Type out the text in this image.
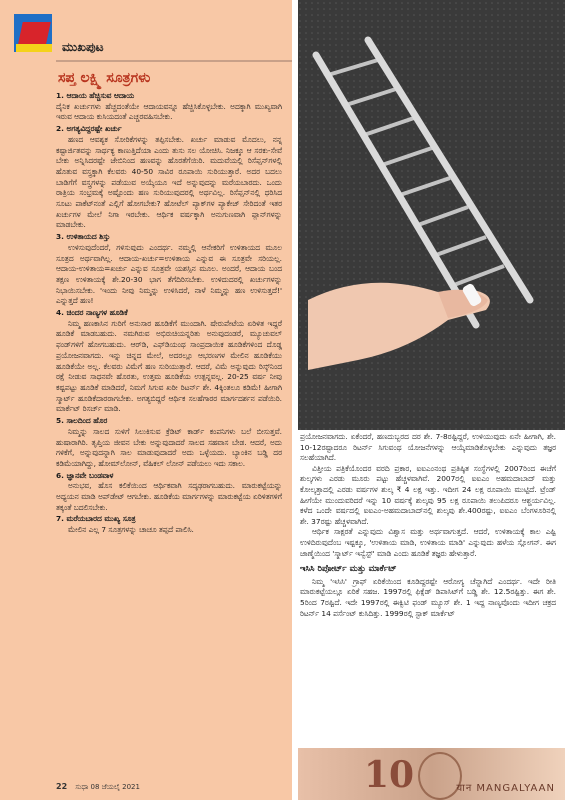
ಮುಖಪುಟ
ಸಪ್ತ ಲಕ್ಷ್ಮಿ ಸೂತ್ರಗಳು
1. ಆದಾಯ ಹೆಚ್ಚಿಸುವ ಆದಾಯ
ದೈನಿಕ ಖರ್ಚುಗಳು ಹೆಚ್ಚದಂತೆಯೇ ಆದಾಯವನ್ನೂ ಹೆಚ್ಚಿಸಿಕೊಳ್ಳಬೇಕು. ಅದಕ್ಕಾಗಿ ಮುಖ್ಯವಾಗಿ ಇರುವ ಆದಾಯ ಕುಸಿಯದಂತೆ ಎಚ್ಚರವಹಿಸಬೇಕು.
2. ಅಗತ್ಯವಿದ್ದರಷ್ಟೇ ಖರ್ಚು
ಹಣದ ಆವಶ್ಯಕ ಸೋರಿಕೆಗಳನ್ನು ತಪ್ಪಿಸಬೇಕು. ಖರ್ಚು ಮಾಡುವ ಮೊದಲು, ನನ್ನ ಕಷ್ಟಾರ್ಜಿತವನ್ನು ಸಾರ್ಥಕ್ಯ ಕಾಣುತ್ತಿದೆಯಾ ಎಂದು ತುಸು ಸಲ ಯೋಚಿಸಿ. ನಿಜಕ್ಕೂ ಆ ಸರಕು-ಸೇವೆ ಬೇಕು ಅನ್ನಿಸಿದರಷ್ಟೇ ಜೇಬಿನಿಂದ ಹಣವನ್ನು ಹೊರತೆಗೆಯಿರಿ. ಮದುವೆಯಲ್ಲಿ ರಿಸೆಪ್ಷನ್‌ಗಳಲ್ಲಿ ಹೊತುವ ವಸ್ತ್ರಕ್ಕಾಗಿ ಕೆಲವರು 40-50 ಸಾವಿರ ರೂಪಾಯಿ ಸುರಿಯುತ್ತಾರೆ. ಅದರ ಬದಲು ಬಾಡಿಗೆಗೆ ವಸ್ತ್ರಗಳನ್ನು ಪಡೆಯುವ ಅಯ್ಕೆಯೂ ಇದೆ ಅನ್ನುವುದನ್ನು ಮರೆಯಬಾರದು. ಒಂದು ರಾತ್ರಿಯ ಸಂಭ್ರಮಕ್ಕೆ ಅಷ್ಟೊಂದು ಹಣ ಸುರಿಯುವುದರಲ್ಲಿ ಅರ್ಥವಿಲ್ಲ. ರಿಸೆಪ್ಷನ್‌ನಲ್ಲಿ ಧರಿಸಿದ ಸೂಟು ಪಾಕೆಟ್‌ನಂತೆ ಎಲ್ಲಿಗೆ ಹೋಗಬೇಕು? ಹೋಟೆಲ್ ಪ್ಯಾಕ್‌ಗಳ ಪ್ಯಾಕೇಜ್ ಸೇರಿದಂತೆ ಇತರ ಖರ್ಚುಗಳ ಮೇಲೆ ನಿಗಾ ಇರಬೇಕು. ಆರ್ಥಿಕ ವರ್ಷಕ್ಕಾಗಿ ಅನುಗುಣವಾಗಿ ಪ್ಲಾನ್‌ಗಳನ್ನು ಮಾಡಬೇಕು.
3. ಉಳಿತಾಯದ ಶಿಸ್ತು
ಉಳಿಸುವುದೆಂದರೆ, ಗಳಿಸುವುದು ಎಂದರ್ಥ. ನಮ್ಮಲ್ಲಿ ಆನೇಕರಿಗೆ ಉಳಿತಾಯದ ಮೂಲ ಸೂತ್ರದ ಅರ್ಥವಾಗಿಲ್ಲ. ಆದಾಯ-ಖರ್ಚು=ಉಳಿತಾಯ ಎನ್ನುವ ಈ ಸೂತ್ರವೇ ಸರಿಯಲ್ಲ. ಆದಾಯ-ಉಳಿತಾಯ=ಖರ್ಚು ಎನ್ನುವ ಸೂತ್ರವೇ ಯಶಸ್ಸಿನ ಮೂಲ. ಅಂದರೆ, ಆದಾಯ ಬಂದ ತಕ್ಷಣ ಉಳಿತಾಯಕ್ಕೆ ಶೇ.20-30 ಭಾಗ ತೆಗೆದಿರಿಸಬೇಕು. ಉಳಿದುದರಲ್ಲಿ ಖರ್ಚುಗಳನ್ನು ನಿಭಾಯಿಸಬೇಕು. 'ಇಂದು ನೀವು ನಿಮ್ಮನ್ನು ಉಳಿಸಿದರೆ, ನಾಳೆ ನಿಮ್ಮನ್ನು ಹಣ ಉಳಿಸುತ್ತದೆ!' ಎನ್ನುತ್ತದೆ ಹಣ!
4. ಚಿಂದರ ನಾಣ್ಯಗಳ ಹೂಡಿಕೆ
ನಿಮ್ಮ ಹಣಕಾಸಿನ ಗುರಿಗೆ ಅನುಸಾರ ಹೂಡಿಕೆಗೆ ಮುಂದಾಗಿ. ಷೇರುಪೇಟೆಯ ಏರಿಳಿತ ಇದ್ದರೆ ಹೂಡಿಕೆ ಮಾಡಬಹುದು. ನಮಗಿರುವ ಅಭಿರುಚಿಯನ್ನರಿತು ಅನುವುದಂಡರೆ, ಮ್ಯೂಚುವಲ್ ಫಂಡ್‌ಗಳಿಗೆ ಹೋಗಬಹುದು. ಆರ್‌ಡಿ, ಎಫ್‌ಡಿಯಂಥ ಸಾಂಪ್ರದಾಯಿಕ ಹೂಡಿಕೆಗಳಿಂದ ದೊಡ್ಡ ಪ್ರಯೋಜನವಾಗದು. ಇನ್ನು ಚಿನ್ನದ ಮೇಲೆ, ಅದರಲ್ಲೂ ಆಭರಣಗಳ ಮೇಲಿನ ಹೂಡಿಕೆಯು ಹೂಡಿಕೆಯೇ ಅಲ್ಲ. ಕೆಲವರು ವಿಮೆಗೆ ಹಣ ಸುರಿಯುತ್ತಾರೆ. ಆದರೆ, ವಿಮೆ ಅನ್ನುವುದು ರಿಸ್ಕ್‌ನಿಂದ ರಕ್ಷೆ ನೀಡುವ ಸಾಧನವೇ ಹೊರತು, ಉತ್ತಮ ಹೂಡಿಕೆಯ ಉತ್ಪನ್ನವಲ್ಲ. 20-25 ವರ್ಷ ನೀವು ಕಷ್ಟಪಟ್ಟು ಹೂಡಿಕೆ ಮಾಡಿದರೆ, ನಿಮಗೆ ಸಿಗುವ ಖರೀ ರಿಟರ್ನ್ ಶೇ. 4ಕ್ಕಿಂತಲೂ ಕಡಿಮೆ! ಹೀಗಾಗಿ ಸ್ಮಾರ್ಟ್ ಹೂಡಿಕೆದಾರರಾಗಬೇಕು. ಅಗತ್ಯಬಿದ್ದರೆ ಆರ್ಥಿಕ ಸಲಹೆಗಾರರ ಮಾರ್ಗದರ್ಶನ ಪಡೆಯಿರಿ. ಮಾರ್ಕೆಟ್ ರಿಸರ್ಚ್ ಮಾಡಿ.
5. ಸಾಲದಿಂದ ಹೊರ
ನಿಮ್ಮನ್ನು ಸಾಲದ ಸುಳಿಗೆ ಸಿಲುಕಿಸುವ ಕ್ರೆಡಿಟ್ ಕಾರ್ಡ್ ಕಂಪನಿಗಳು ಬಲೆ ಬೀಸುತ್ತವೆ. ಹುಷಾರಾಗಿರಿ. ತೃಪ್ತಿಯ ಜೀವನ ಬೇಕು ಅನ್ನುವುದಾದರೆ ಸಾಲದ ಸಹವಾಸ ಬೇಡ. ಆದರೆ, ಅದು ಗಳಿಕೆಗೆ, ಅನ್ನುವುದನ್ನಾಗಿ ಸಾಲ ಮಾಡುವುದಾದರೆ ಅದು ಒಳ್ಳೆಯದು. ಬ್ಯಾಂಕಿನ ಬಡ್ಡಿ ದರ ಕಡಿಮೆಯಾಗಿದ್ದು, ಹೋಮ್‌ಲೋನ್, ವೆಹಿಕಲ್ ಲೋನ್ ಪಡೆಯಲು ಇದು ಸಕಾಲ.
6. ಜ್ಞಾನವೇ ಬಂಡವಾಳ
ಅನುಭವ, ಹೊಸ ಕಲಿಕೆಯಿಂದ ಆರ್ಥಿಕವಾಗಿ ಸದೃಢರಾಗಬಹುದು. ಮಾರುಕಟ್ಟೆಯನ್ನು ಅಧ್ಯಯನ ಮಾಡಿ ಅಪ್‌ಡೇಟ್ ಆಗಬೇಕು. ಹೂಡಿಕೆಯ ಮಾರ್ಗಗಳನ್ನು ಮಾರುಕಟ್ಟೆಯ ಏರಿಳಿತಗಳಿಗೆ ತಕ್ಕಂತೆ ಬದಲಿಸಬೇಕು.
7. ಮರೆಯಬಾರದ ಮುಖ್ಯ ಸೂತ್ರ
ಮೇಲಿನ ಎಲ್ಲ 7 ಸೂತ್ರಗಳನ್ನು ಚಾಚೂ ತಪ್ಪದೆ ಪಾಲಿಸಿ.
22 ಸುಧಾ 08 ಜೆಯಲೈ 2021
ಪ್ರಯೋಜನವಾಗದು. ಏಕೆಂದರೆ, ಹಣದುಬ್ಬರದ ದರ ಶೇ. 7-8ರಷ್ಟಿದ್ದರೆ, ಉಳಿಯುವುದು ಏನೇ ಹೀಗಾಗಿ, ಶೇ. 10-12ರಷ್ಟಾದರೂ ರಿಟರ್ನ್ ಸಿಗುವಂಥ ಯೋಜನೆಗಳನ್ನು ಆಯ್ಕೆಮಾಡಿಕೊಳ್ಳಬೇಕು ಎನ್ನುವುದು ತಜ್ಞರ ಸಲಹೆಯಾಗಿದೆ.
ವಿತ್ತೀಯ ಪತ್ರಿಕೆಯೊಂದರ ವರದಿ ಪ್ರಕಾರ, ಐಐಎಂನಂಥ ಪ್ರತಿಷ್ಠಿತ ಸಂಸ್ಥೆಗಳಲ್ಲಿ 2007ರಿಂದ ಈಚೆಗೆ ಶುಲ್ಕಗಳು ಎರಡು ಮೂರು ಪಟ್ಟು ಹೆಚ್ಚಳವಾಗಿವೆ. 2007ರಲ್ಲಿ ಐಐಎಂ ಅಹಮದಾಬಾದ್ ಮತ್ತು ಕೋಲ್ಕತ್ತಾದಲ್ಲಿ ಎರಡು ವರ್ಷಗಳ ಶುಲ್ಕ ₹ 4 ಲಕ್ಷ ಇತ್ತು. ಇದೀಗ 24 ಲಕ್ಷ ರೂಪಾಯಿ ಮುಟ್ಟಿದೆ. ಟ್ರೆಂಡ್ ಹೀಗೆಯೇ ಮುಂದುವರಿದರೆ ಇನ್ನು 10 ವರ್ಷಕ್ಕೆ ಶುಲ್ಕವು 95 ಲಕ್ಷ ರೂಪಾಯಿ ತಲುಪಿದರೂ ಆಶ್ಚರ್ಯವಿಲ್ಲ. ಕಳೆದ ಒಂದೇ ವರ್ಷದಲ್ಲಿ ಐಐಎಂ-ಅಹಮದಾಬಾದ್‌ನಲ್ಲಿ ಶುಲ್ಕವು ಶೇ.400ರಷ್ಟು, ಐಐಎಂ ಬೆಂಗಳೂರಿನಲ್ಲಿ ಶೇ. 37ರಷ್ಟು ಹೆಚ್ಚಳವಾಗಿದೆ.
ಆರ್ಥಿಕ ಸಾಕ್ಷರತೆ ಎನ್ನುವುದು ವಿಶ್ವಾಸ ಮತ್ತು ಅರ್ಥವಾಗುತ್ತದೆ. ಆದರೆ, ಉಳಿತಾಯಕ್ಕೆ ಕಾಲ ಎಷ್ಟಿ ಉಳಿದಿರುವುದೆಂಬ ಇಷ್ಟಕ್ಕೂ, 'ಉಳಿತಾಯ ಮಾಡಿ, ಉಳಿತಾಯ ಮಾಡಿ' ಎನ್ನುವುದು ಹಳೆಯ ಸ್ಲೋಗನ್. ಈಗ ಜಾಣ್ಮೆಯಿಂದ 'ಸ್ಮಾರ್ಟ್ ಇನ್ವೆಸ್ಟ್' ಮಾಡಿ ಎಂದು ಹೂಡಿಕೆ ತಜ್ಞರು ಹೇಳುತ್ತಾರೆ.
ಇಸಿಸಿ ರಿಪೋರ್ಟ್ ಮತ್ತು ಮಾರ್ಕೆಟ್
ನಿಮ್ಮ 'ಇಸಿಸಿ' ಗ್ರಾಫ್ ಏರಿಕೆಯಿಂದ ಕೂಡಿದ್ದರಷ್ಟೇ ಆರೋಗ್ಯ ಚೆನ್ನಾಗಿದೆ ಎಂದರ್ಥ. ಇದೇ ರೀತಿ ಮಾರುಕಟ್ಟೆಯಲ್ಲೂ ಏರಿಕೆ ಸಹಜ. 1997ರಲ್ಲಿ ಫಿಕ್ಸೆಡ್ ಡಿಪಾಸಿಟ್‌ಗೆ ಬಡ್ಡಿ ಶೇ. 12.5ರಷ್ಟಿತ್ತು. ಈಗ ಶೇ. 5ರಿಂದ 7ರಷ್ಟಿದೆ. ಇದೇ 1997ರಲ್ಲಿ ಈಕ್ವಿಟಿ ಫಂಡ್ ಮ್ಯೂಸ್ ಶೇ. 1 ಇದ್ದ ನಾಣ್ಯವೊಂದು ಇದೀಗ ಚಕ್ರದ ರಿಟರ್ನ್ 14 ಪರ್ಸೆಂಟ್ ಕುಸಿದಿತ್ತು. 1999ರಲ್ಲಿ ಸ್ಟಾಕ್ ಮಾರ್ಕೆಟ್
10	यान MANGALYAAN
